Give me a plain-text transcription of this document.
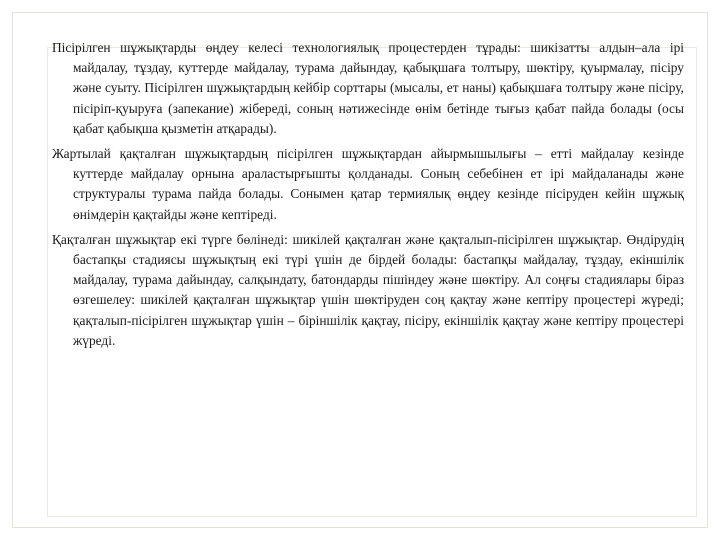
Пісірілген шұжықтарды өңдеу келесі технологиялық процестерден тұрады: шикізатты алдын–ала ірі майдалау, тұздау, куттерде майдалау, турама дайындау, қабықшаға толтыру, шөктіру, қуырмалау, пісіру және суыту. Пісірілген шұжықтардың кейбір сорттары (мысалы, ет наны) қабықшаға толтыру және пісіру, пісіріп-қуыруға (запекание) жібереді, соның нәтижесінде өнім бетінде тығыз қабат пайда болады (осы қабат қабықша қызметін атқарады).

Жартылай қақталған шұжықтардың пісірілген шұжықтардан айырмышылығы – етті майдалау кезінде куттерде майдалау орнына араластырғышты қолданады. Соның себебінен ет ірі майдаланады және структуралы турама пайда болады. Сонымен қатар термиялық өңдеу кезінде пісіруден кейін шұжық өнімдерін қақтайды және кептіреді.

Қақталған шұжықтар екі түрге бөлінеді: шикілей қақталған және қақталып-пісірілген шұжықтар. Өндірудің бастапқы стадиясы шұжықтың екі түрі үшін де бірдей болады: бастапқы майдалау, тұздау, екіншілік майдалау, турама дайындау, салқындату, батондарды пішіндеу және шөктіру. Ал соңғы стадиялары біраз өзгешелеу: шикілей қақталған шұжықтар үшін шөктіруден соң қақтау және кептіру процестері жүреді; қақталып-пісірілген шұжықтар үшін – біріншілік қақтау, пісіру, екіншілік қақтау және кептіру процестері жүреді.
